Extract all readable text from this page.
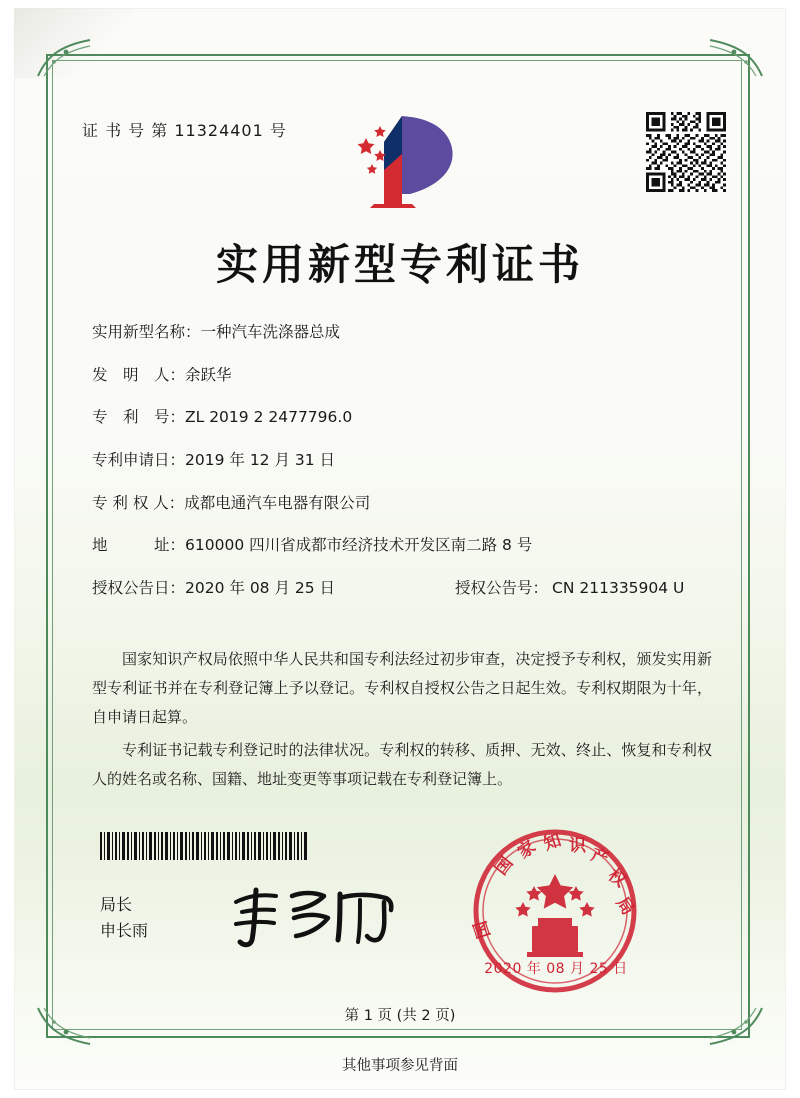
证 书 号 第 11324401 号
实用新型专利证书
实用新型名称： 一种汽车洗涤器总成
发　明　人： 余跃华
专　利　号： ZL 2019 2 2477796.0
专利申请日： 2019 年 12 月 31 日
专 利 权 人： 成都电通汽车电器有限公司
地　　　址： 610000 四川省成都市经济技术开发区南二路 8 号
授权公告日： 2020 年 08 月 25 日	授权公告号： CN 211335904 U

国家知识产权局依照中华人民共和国专利法经过初步审查，决定授予专利权，颁发实用新型专利证书并在专利登记簿上予以登记。专利权自授权公告之日起生效。专利权期限为十年，自申请日起算。

专利证书记载专利登记时的法律状况。专利权的转移、质押、无效、终止、恢复和专利权人的姓名或名称、国籍、地址变更等事项记载在专利登记簿上。

局长
申长雨
国
家 知 识 产
权
局
国
2020 年 08 月 25 日
第 1 页 (共 2 页)
其他事项参见背面
